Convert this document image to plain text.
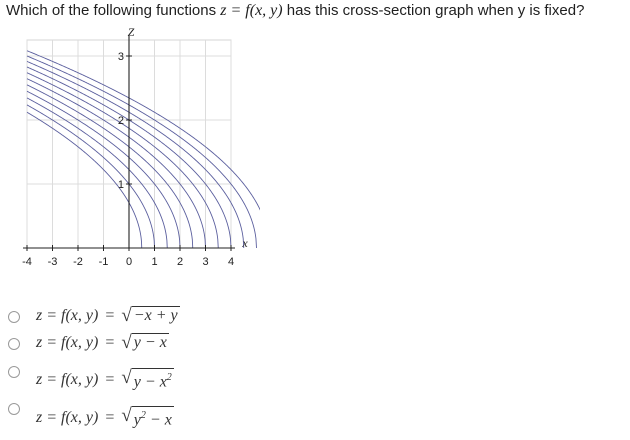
Which of the following functions z = f(x, y) has this cross-section graph when y is fixed?
-4 -3 -2 -1 0 1 2 3 4
1
2
3
x
Z
z = f(x, y) = √ −x + y
z = f(x, y) = √ y − x
z = f(x, y) = √ $y - x^2$
z = f(x, y) = √ $y^2 - x$
